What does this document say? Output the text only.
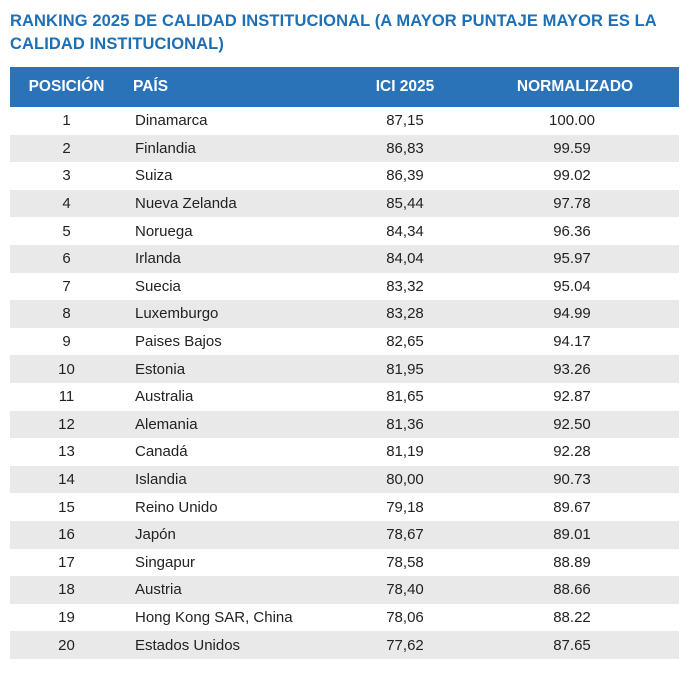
RANKING 2025 DE CALIDAD INSTITUCIONAL (A MAYOR PUNTAJE MAYOR ES LA CALIDAD INSTITUCIONAL)
POSICIÓN	PAÍS	ICI 2025	NORMALIZADO
1	Dinamarca	87,15	100.00
2	Finlandia	86,83	99.59
3	Suiza	86,39	99.02
4	Nueva Zelanda	85,44	97.78
5	Noruega	84,34	96.36
6	Irlanda	84,04	95.97
7	Suecia	83,32	95.04
8	Luxemburgo	83,28	94.99
9	Paises Bajos	82,65	94.17
10	Estonia	81,95	93.26
11	Australia	81,65	92.87
12	Alemania	81,36	92.50
13	Canadá	81,19	92.28
14	Islandia	80,00	90.73
15	Reino Unido	79,18	89.67
16	Japón	78,67	89.01
17	Singapur	78,58	88.89
18	Austria	78,40	88.66
19	Hong Kong SAR, China	78,06	88.22
20	Estados Unidos	77,62	87.65
